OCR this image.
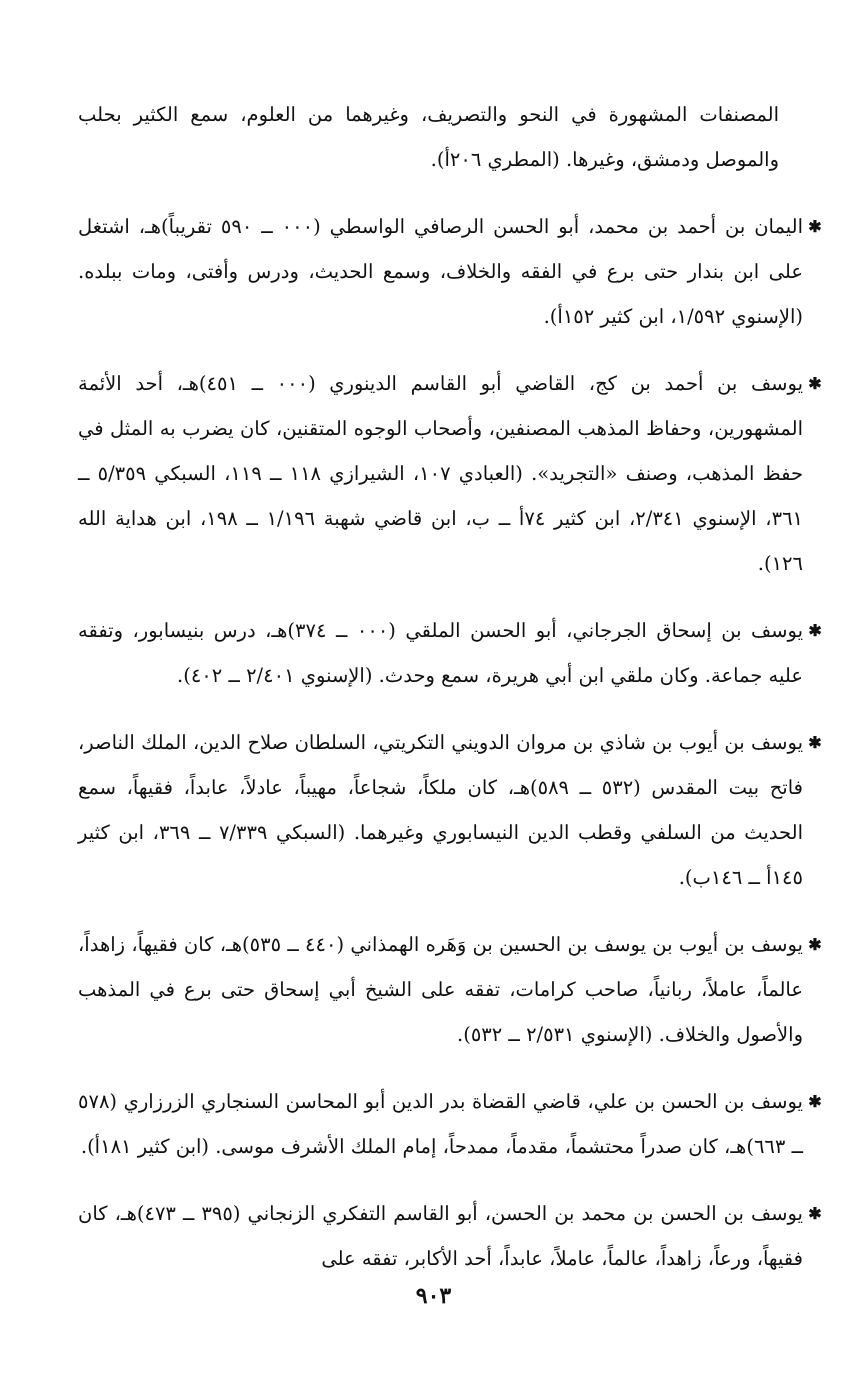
المصنفات المشهورة في النحو والتصريف، وغيرهما من العلوم، سمع الكثير بحلب والموصل ودمشق، وغيرها. (المطري ٢٠٦أ).

✱اليمان بن أحمد بن محمد، أبو الحسن الرصافي الواسطي (٠٠٠ ــ ٥٩٠ تقريباً)هـ، اشتغل على ابن بندار حتى برع في الفقه والخلاف، وسمع الحديث، ودرس وأفتى، ومات ببلده. (الإسنوي ١/٥٩٢، ابن كثير ١٥٢أ).

✱يوسف بن أحمد بن كج، القاضي أبو القاسم الدينوري (٠٠٠ ــ ٤٥١)هـ، أحد الأئمة المشهورين، وحفاظ المذهب المصنفين، وأصحاب الوجوه المتقنين، كان يضرب به المثل في حفظ المذهب، وصنف «التجريد». (العبادي ١٠٧، الشيرازي ١١٨ ــ ١١٩، السبكي ٥/٣٥٩ ــ ٣٦١، الإسنوي ٢/٣٤١، ابن كثير ٧٤أ ــ ب، ابن قاضي شهبة ١/١٩٦ ــ ١٩٨، ابن هداية الله ١٢٦).

✱يوسف بن إسحاق الجرجاني، أبو الحسن الملقي (٠٠٠ ــ ٣٧٤)هـ، درس بنيسابور، وتفقه عليه جماعة. وكان ملقي ابن أبي هريرة، سمع وحدث. (الإسنوي ٢/٤٠١ ــ ٤٠٢).

✱يوسف بن أيوب بن شاذي بن مروان الدويني التكريتي، السلطان صلاح الدين، الملك الناصر، فاتح بيت المقدس (٥٣٢ ــ ٥٨٩)هـ، كان ملكاً، شجاعاً، مهيباً، عادلاً، عابداً، فقيهاً، سمع الحديث من السلفي وقطب الدين النيسابوري وغيرهما. (السبكي ٧/٣٣٩ ــ ٣٦٩، ابن كثير ١٤٥أ ــ ١٤٦ب).

✱يوسف بن أيوب بن يوسف بن الحسين بن وَهَره الهمذاني (٤٤٠ ــ ٥٣٥)هـ، كان فقيهاً، زاهداً، عالماً، عاملاً، ربانياً، صاحب كرامات، تفقه على الشيخ أبي إسحاق حتى برع في المذهب والأصول والخلاف. (الإسنوي ٢/٥٣١ ــ ٥٣٢).

✱يوسف بن الحسن بن علي، قاضي القضاة بدر الدين أبو المحاسن السنجاري الزرزاري (٥٧٨ ــ ٦٦٣)هـ، كان صدراً محتشماً، مقدماً، ممدحاً، إمام الملك الأشرف موسى. (ابن كثير ١٨١أ).

✱يوسف بن الحسن بن محمد بن الحسن، أبو القاسم التفكري الزنجاني (٣٩٥ ــ ٤٧٣)هـ، كان فقيهاً، ورعاً، زاهداً، عالماً، عاملاً، عابداً، أحد الأكابر، تفقه على

٩٠٣
